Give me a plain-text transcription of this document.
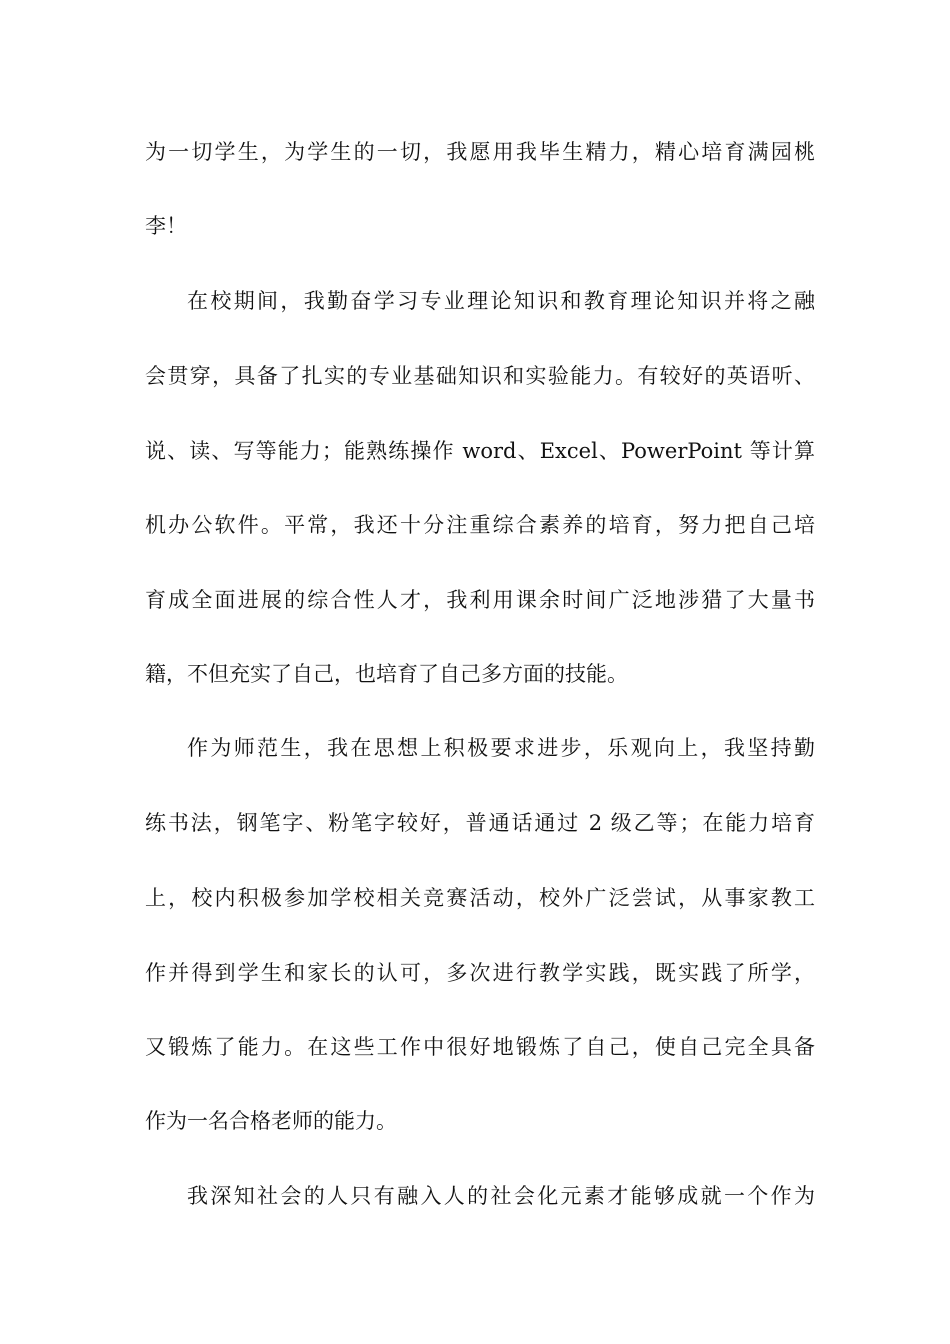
为一切学生，为学生的一切，我愿用我毕生精力，精心培育满园桃
李！
在校期间，我勤奋学习专业理论知识和教育理论知识并将之融
会贯穿，具备了扎实的专业基础知识和实验能力。有较好的英语听、
说、读、写等能力；能熟练操作 word、Excel、PowerPoint 等计算
机办公软件。平常，我还十分注重综合素养的培育，努力把自己培
育成全面进展的综合性人才，我利用课余时间广泛地涉猎了大量书
籍，不但充实了自己，也培育了自己多方面的技能。
作为师范生，我在思想上积极要求进步，乐观向上，我坚持勤
练书法，钢笔字、粉笔字较好，普通话通过 2 级乙等；在能力培育
上，校内积极参加学校相关竞赛活动，校外广泛尝试，从事家教工
作并得到学生和家长的认可，多次进行教学实践，既实践了所学，
又锻炼了能力。在这些工作中很好地锻炼了自己，使自己完全具备
作为一名合格老师的能力。
我深知社会的人只有融入人的社会化元素才能够成就一个作为
